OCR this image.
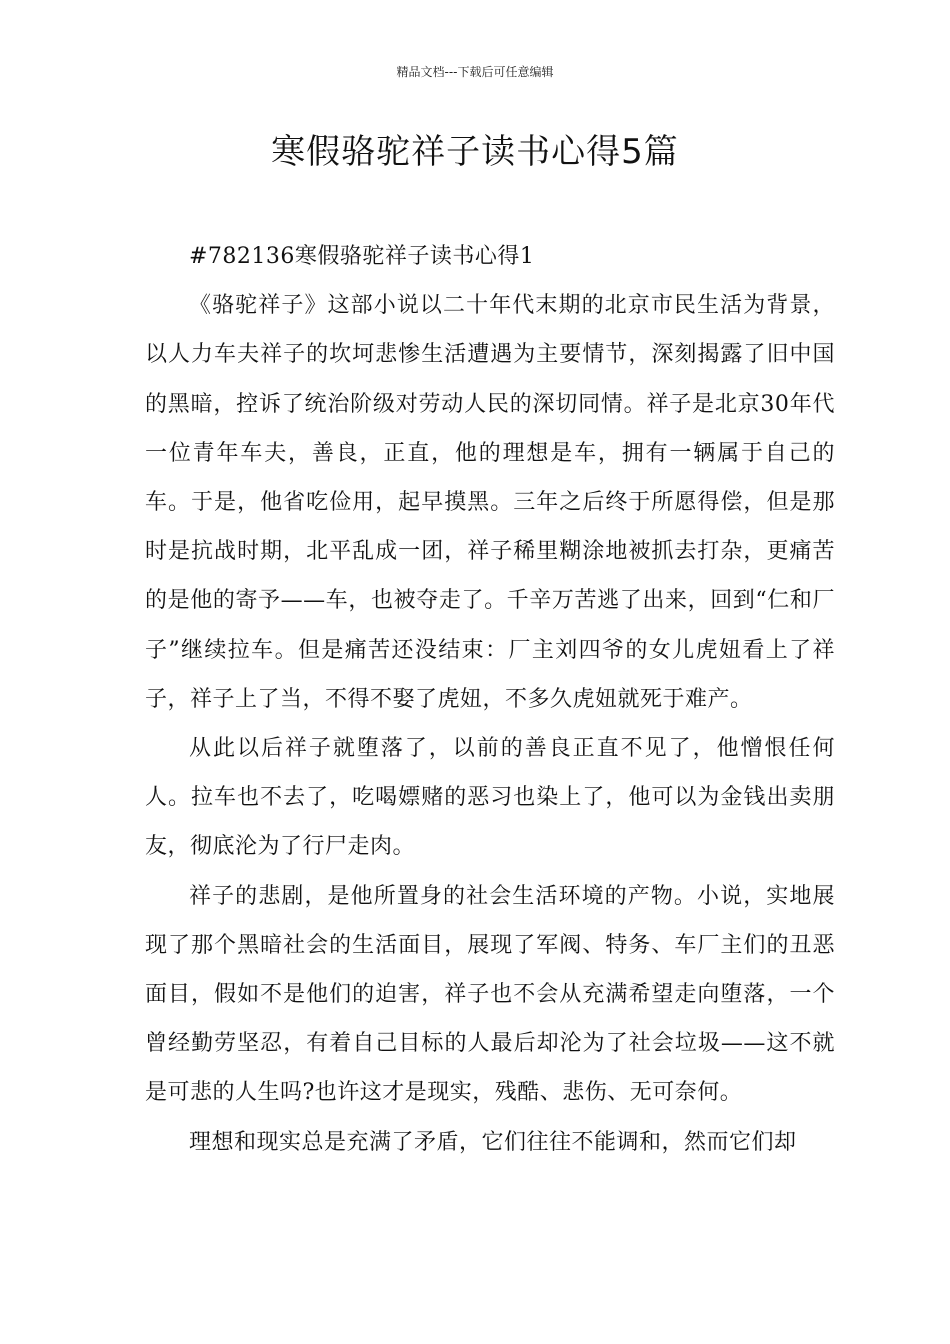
精品文档---下载后可任意编辑
寒假骆驼祥子读书心得5篇

#782136寒假骆驼祥子读书心得1

《骆驼祥子》这部小说以二十年代末期的北京市民生活为背景，以人力车夫祥子的坎坷悲惨生活遭遇为主要情节，深刻揭露了旧中国的黑暗，控诉了统治阶级对劳动人民的深切同情。祥子是北京30年代一位青年车夫，善良，正直，他的理想是车，拥有一辆属于自己的车。于是，他省吃俭用，起早摸黑。三年之后终于所愿得偿，但是那时是抗战时期，北平乱成一团，祥子稀里糊涂地被抓去打杂，更痛苦的是他的寄予——车，也被夺走了。千辛万苦逃了出来，回到“仁和厂子”继续拉车。但是痛苦还没结束：厂主刘四爷的女儿虎妞看上了祥子，祥子上了当，不得不娶了虎妞，不多久虎妞就死于难产。

从此以后祥子就堕落了，以前的善良正直不见了，他憎恨任何人。拉车也不去了，吃喝嫖赌的恶习也染上了，他可以为金钱出卖朋友，彻底沦为了行尸走肉。

祥子的悲剧，是他所置身的社会生活环境的产物。小说，实地展现了那个黑暗社会的生活面目，展现了军阀、特务、车厂主们的丑恶面目，假如不是他们的迫害，祥子也不会从充满希望走向堕落，一个曾经勤劳坚忍，有着自己目标的人最后却沦为了社会垃圾——这不就是可悲的人生吗?也许这才是现实，残酷、悲伤、无可奈何。

理想和现实总是充满了矛盾，它们往往不能调和，然而它们却
